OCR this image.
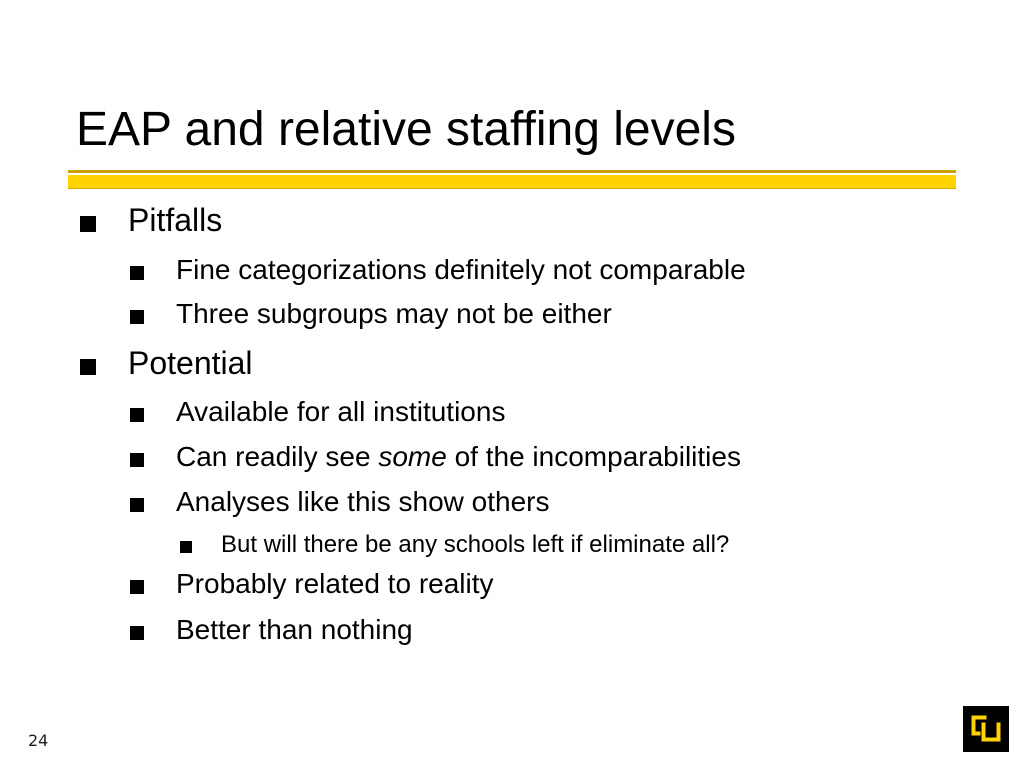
EAP and relative staffing levels
Pitfalls
Fine categorizations definitely not comparable
Three subgroups may not be either
Potential
Available for all institutions
Can readily see some of the incomparabilities
Analyses like this show others
But will there be any schools left if eliminate all?
Probably related to reality
Better than nothing
24
